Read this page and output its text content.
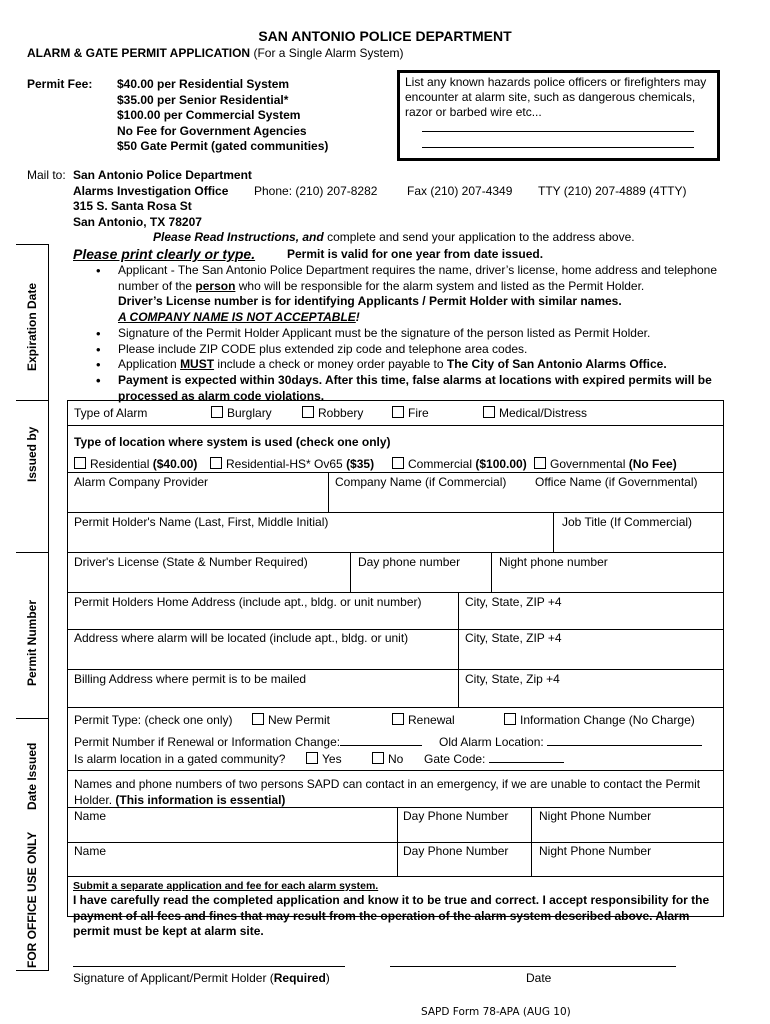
SAN ANTONIO POLICE DEPARTMENT
ALARM & GATE PERMIT APPLICATION (For a Single Alarm System)
Permit Fee: $40.00 per Residential System
$35.00 per Senior Residential*
$100.00 per Commercial System
No Fee for Government Agencies
$50 Gate Permit (gated communities)
List any known hazards police officers or firefighters may encounter at alarm site, such as dangerous chemicals, razor or barbed wire etc...
Mail to: San Antonio Police Department
Alarms Investigation Office Phone: (210) 207-8282 Fax (210) 207-4349 TTY (210) 207-4889 (4TTY)
315 S. Santa Rosa St
San Antonio, TX 78207
Please Read Instructions, and complete and send your application to the address above.
Please print clearly or type.	Permit is valid for one year from date issued.
• Applicant - The San Antonio Police Department requires the name, driver’s license, home address and telephone number of the person who will be responsible for the alarm system and listed as the Permit Holder.
Driver’s License number is for identifying Applicants / Permit Holder with similar names.
A COMPANY NAME IS NOT ACCEPTABLE!
• Signature of the Permit Holder Applicant must be the signature of the person listed as Permit Holder.
• Please include ZIP CODE plus extended zip code and telephone area codes.
• Application MUST include a check or money order payable to The City of San Antonio Alarms Office.
• Payment is expected within 30days. After this time, false alarms at locations with expired permits will be processed as alarm code violations.
Expiration Date
Issued by
Permit Number
Date Issued
FOR OFFICE USE ONLY
Type of Alarm	Burglary	Robbery	Fire	Medical/Distress
Type of location where system is used (check one only)
Residential ($40.00)	Residential-HS* Ov65 ($35)	Commercial ($100.00)	Governmental (No Fee)
Alarm Company Provider	Company Name (if Commercial) Office Name (if Governmental)
Permit Holder's Name (Last, First, Middle Initial)	Job Title (If Commercial)
Driver's License (State & Number Required)	Day phone number	Night phone number
Permit Holders Home Address (include apt., bldg. or unit number)	City, State, ZIP +4
Address where alarm will be located (include apt., bldg. or unit)	City, State, ZIP +4
Billing Address where permit is to be mailed	City, State, Zip +4
Permit Type: (check one only)	New Permit	Renewal	Information Change (No Charge)
Permit Number if Renewal or Information Change:	Old Alarm Location:
Is alarm location in a gated community?	Yes	No Gate Code:
Names and phone numbers of two persons SAPD can contact in an emergency, if we are unable to contact the Permit Holder. (This information is essential)
Name	Day Phone Number	Night Phone Number
Name	Day Phone Number	Night Phone Number
Submit a separate application and fee for each alarm system.
I have carefully read the completed application and know it to be true and correct. I accept responsibility for the payment of all fees and fines that may result from the operation of the alarm system described above. Alarm permit must be kept at alarm site.
Signature of Applicant/Permit Holder (Required)	Date
SAPD Form 78-APA (AUG 10)
